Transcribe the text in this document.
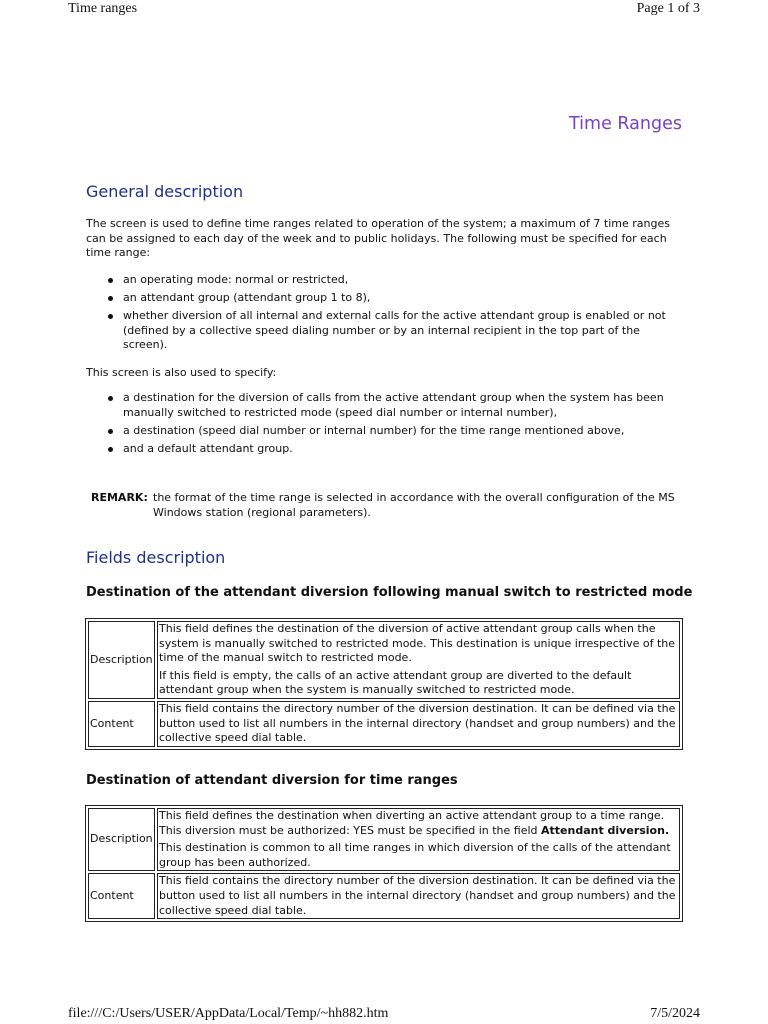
Time ranges	Page 1 of 3
Time Ranges
General description

The screen is used to define time ranges related to operation of the system; a maximum of 7 time ranges can be assigned to each day of the week and to public holidays. The following must be specified for each time range:

an operating mode: normal or restricted,
an attendant group (attendant group 1 to 8),
whether diversion of all internal and external calls for the active attendant group is enabled or not (defined by a collective speed dialing number or by an internal recipient in the top part of the screen).

This screen is also used to specify:

a destination for the diversion of calls from the active attendant group when the system has been manually switched to restricted mode (speed dial number or internal number),
a destination (speed dial number or internal number) for the time range mentioned above,
and a default attendant group.
REMARK: the format of the time range is selected in accordance with the overall configuration of the MS Windows station (regional parameters).
Fields description
Destination of the attendant diversion following manual switch to restricted mode
Description	This field defines the destination of the diversion of active attendant group calls when the system is manually switched to restricted mode. This destination is unique irrespective of the time of the manual switch to restricted mode.

If this field is empty, the calls of an active attendant group are diverted to the default attendant group when the system is manually switched to restricted mode.

Content	This field contains the directory number of the diversion destination. It can be defined via the button used to list all numbers in the internal directory (handset and group numbers) and the collective speed dial table.

Destination of attendant diversion for time ranges
Description	This field defines the destination when diverting an active attendant group to a time range. This diversion must be authorized: YES must be specified in the field Attendant diversion.

This destination is common to all time ranges in which diversion of the calls of the attendant group has been authorized.

Content	This field contains the directory number of the diversion destination. It can be defined via the button used to list all numbers in the internal directory (handset and group numbers) and the collective speed dial table.

file:///C:/Users/USER/AppData/Local/Temp/~hh882.htm	7/5/2024
